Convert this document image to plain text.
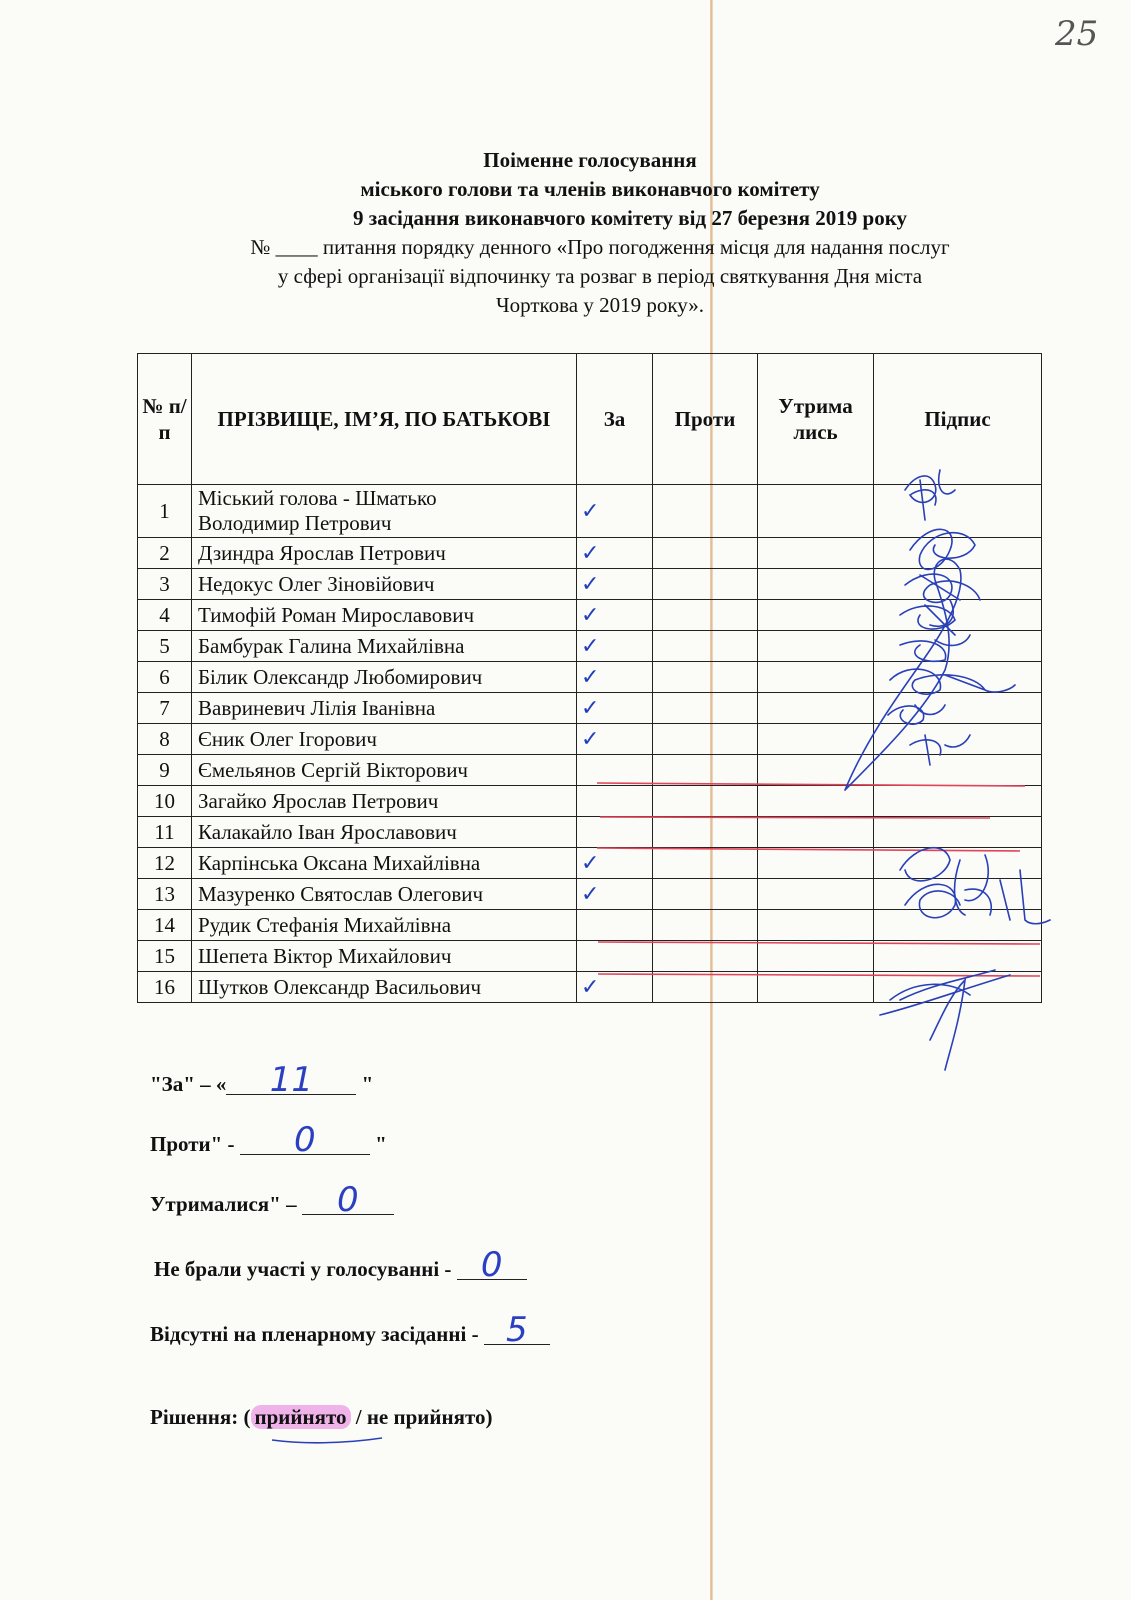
25
Поіменне голосування
міського голови та членів виконавчого комітету
9 засідання виконавчого комітету від 27 березня 2019 року
№ ____ питання порядку денного «Про погодження місця для надання послуг
у сфері організації відпочинку та розваг в період святкування Дня міста
Чорткова у 2019 року».
№ п/ п	ПРІЗВИЩЕ, ІМ’Я, ПО БАТЬКОВІ	За	Проти	Утрима лись	Підпис
1	Міський голова - Шматько
Володимир Петрович	✓			
2	Дзиндра Ярослав Петрович	✓			
3	Недокус Олег Зіновійович	✓			
4	Тимофій Роман Мирославович	✓			
5	Бамбурак Галина Михайлівна	✓			
6	Білик Олександр Любомирович	✓			
7	Вавриневич Лілія Іванівна	✓			
8	Єник Олег Ігорович	✓			
9	Ємельянов Сергій Вікторович				
10	Загайко Ярослав Петрович				
11	Калакайло Іван Ярославович				
12	Карпінська Оксана Михайлівна	✓			
13	Мазуренко Святослав Олегович	✓			
14	Рудик Стефанія Михайлівна				
15	Шепета Віктор Михайлович				
16	Шутков Олександр Васильович	✓			
"За" – « 11 "
Проти" - 0	"
Утрималися" – 0
Не брали участі у голосуванні - 0
Відсутні на пленарному засіданні - 5
Рішення: ( прийнято / не прийнято)
